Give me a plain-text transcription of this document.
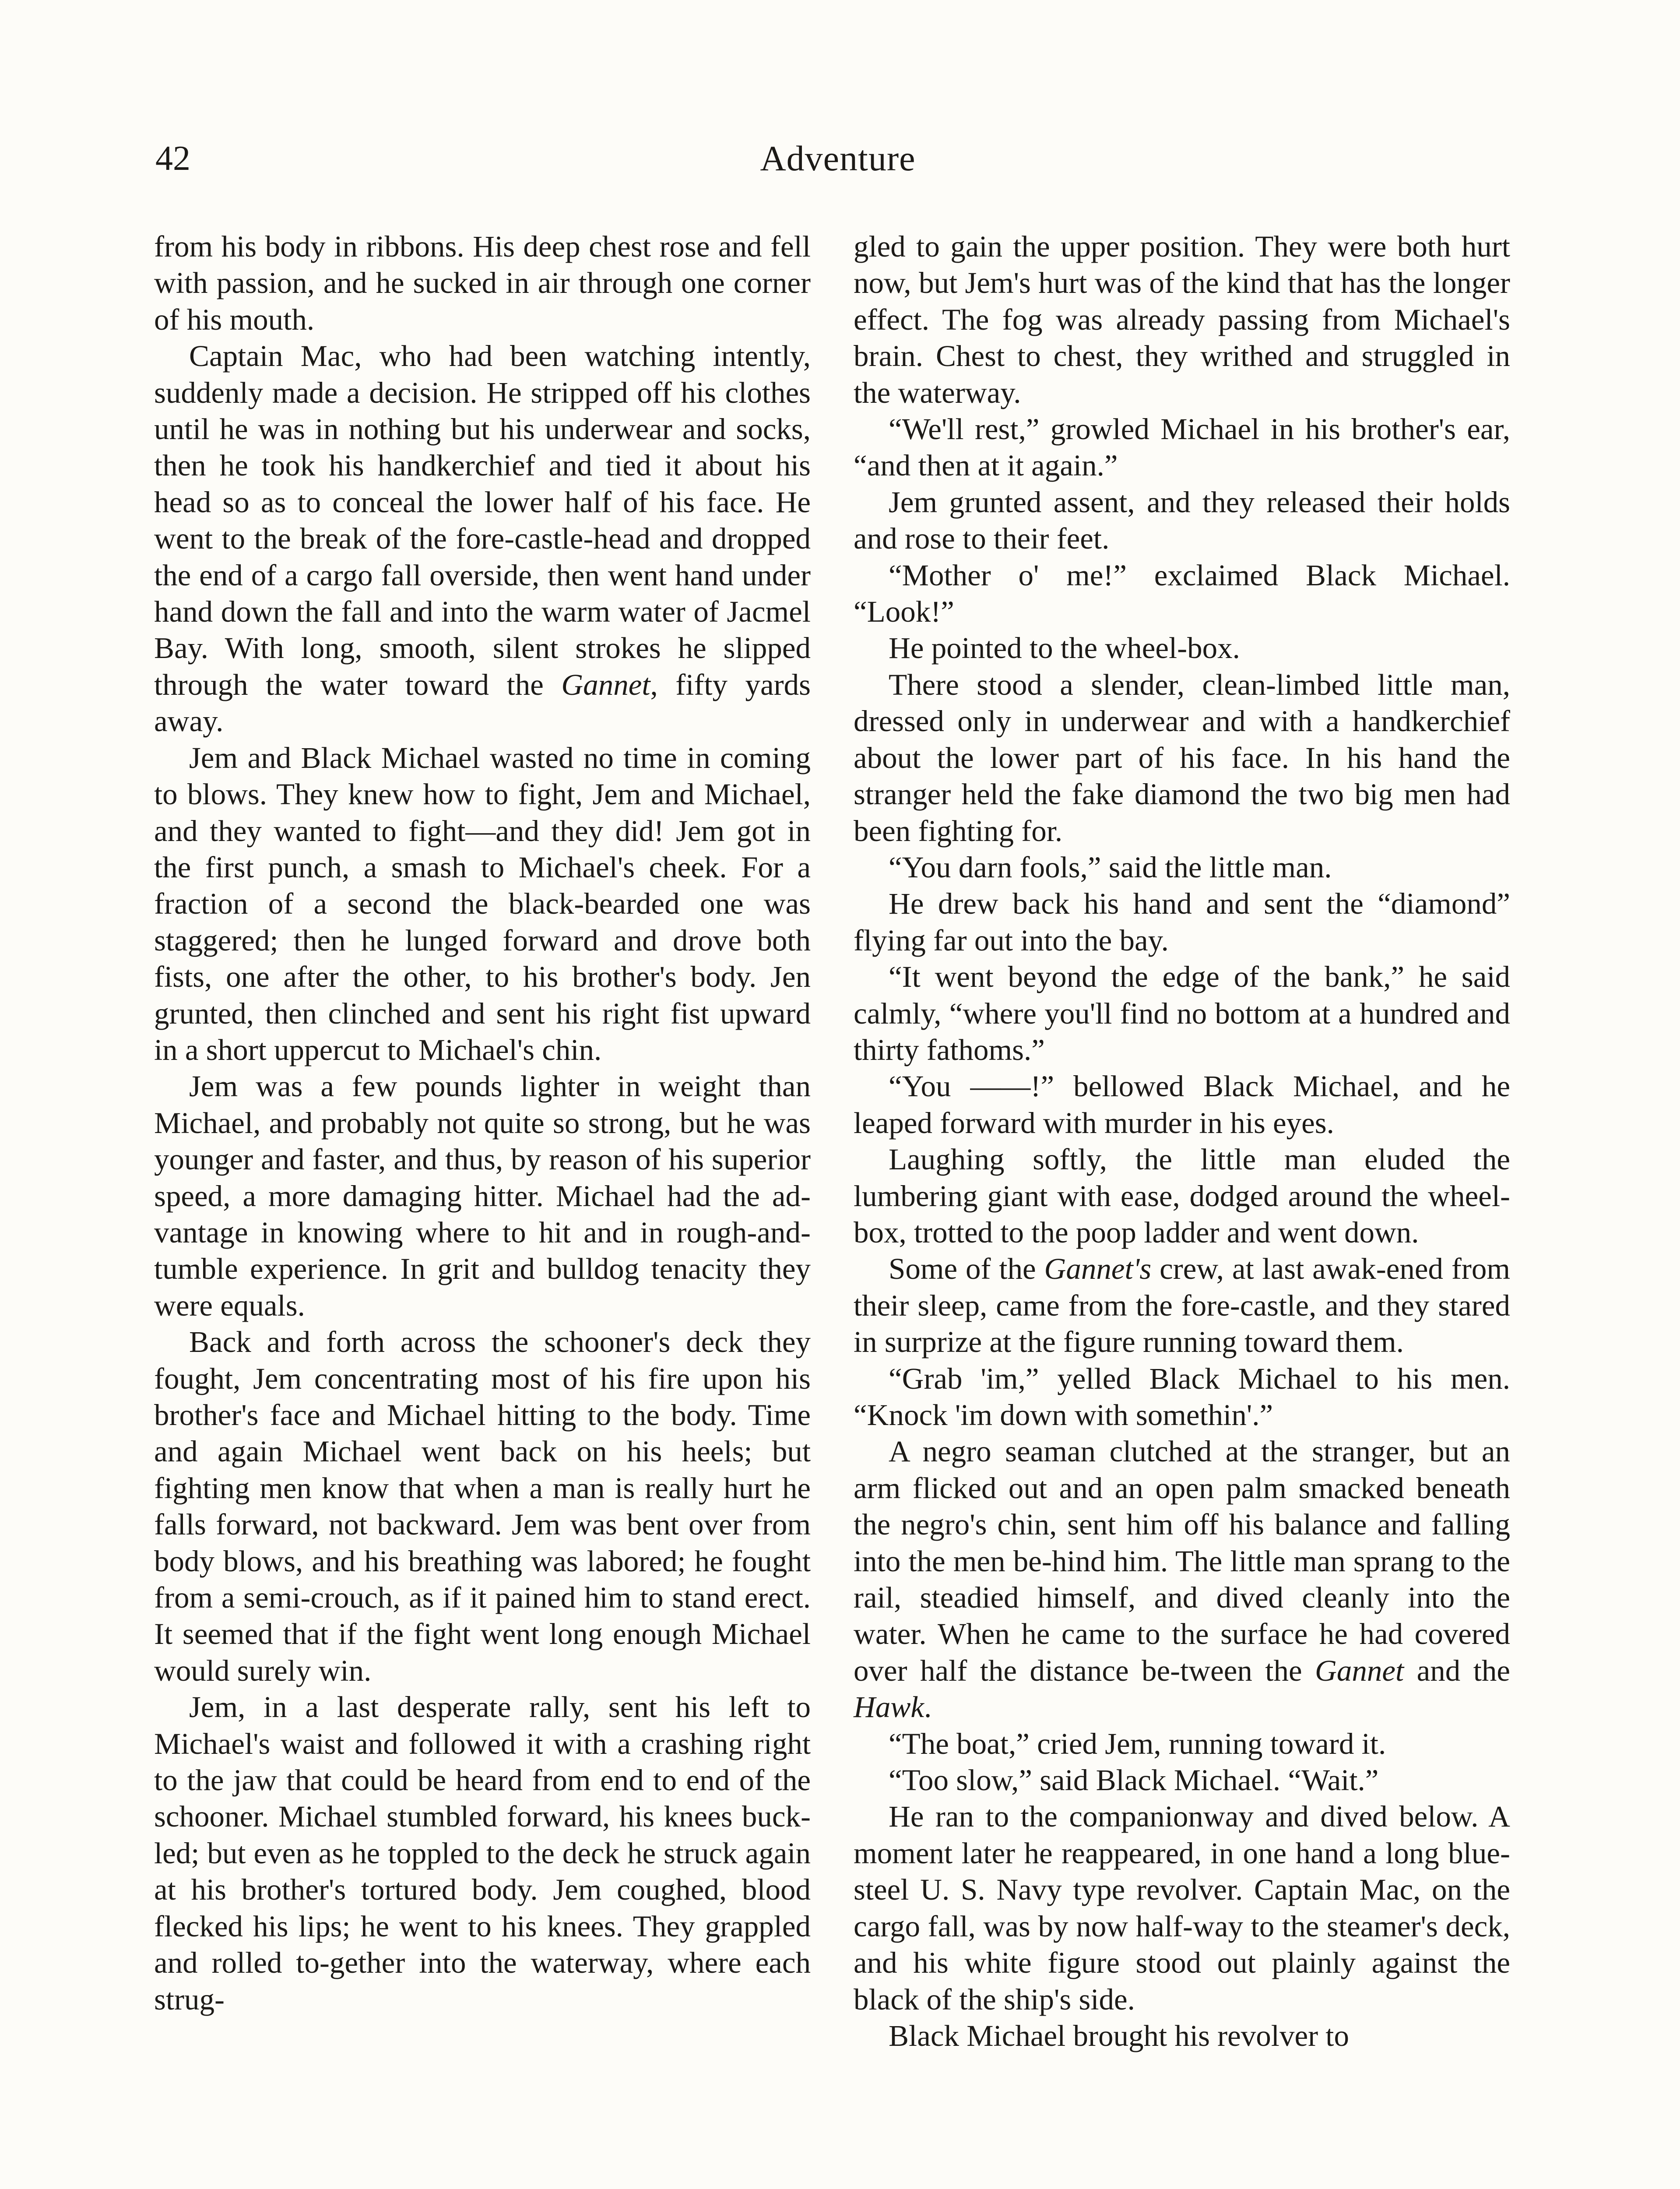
42	Adventure

from his body in ribbons. His deep chest rose and fell with passion, and he sucked in air through one corner of his mouth.

Captain Mac, who had been watching intently, suddenly made a decision. He stripped off his clothes until he was in nothing but his underwear and socks, then he took his handkerchief and tied it about his head so as to conceal the lower half of his face. He went to the break of the fore-castle-head and dropped the end of a cargo fall overside, then went hand under hand down the fall and into the warm water of Jacmel Bay. With long, smooth, silent strokes he slipped through the water toward the Gannet, fifty yards away.

Jem and Black Michael wasted no time in coming to blows. They knew how to fight, Jem and Michael, and they wanted to fight—and they did! Jem got in the first punch, a smash to Michael's cheek. For a fraction of a second the black-bearded one was staggered; then he lunged forward and drove both fists, one after the other, to his brother's body. Jen grunted, then clinched and sent his right fist upward in a short uppercut to Michael's chin.

Jem was a few pounds lighter in weight than Michael, and probably not quite so strong, but he was younger and faster, and thus, by reason of his superior speed, a more damaging hitter. Michael had the ad-vantage in knowing where to hit and in rough-and-tumble experience. In grit and bulldog tenacity they were equals.

Back and forth across the schooner's deck they fought, Jem concentrating most of his fire upon his brother's face and Michael hitting to the body. Time and again Michael went back on his heels; but fighting men know that when a man is really hurt he falls forward, not backward. Jem was bent over from body blows, and his breathing was labored; he fought from a semi-crouch, as if it pained him to stand erect. It seemed that if the fight went long enough Michael would surely win.

Jem, in a last desperate rally, sent his left to Michael's waist and followed it with a crashing right to the jaw that could be heard from end to end of the schooner. Michael stumbled forward, his knees buck-led; but even as he toppled to the deck he struck again at his brother's tortured body. Jem coughed, blood flecked his lips; he went to his knees. They grappled and rolled to-gether into the waterway, where each strug-

gled to gain the upper position. They were both hurt now, but Jem's hurt was of the kind that has the longer effect. The fog was already passing from Michael's brain. Chest to chest, they writhed and struggled in the waterway.

“We'll rest,” growled Michael in his brother's ear, “and then at it again.”

Jem grunted assent, and they released their holds and rose to their feet.

“Mother o' me!” exclaimed Black Michael. “Look!”

He pointed to the wheel-box.

There stood a slender, clean-limbed little man, dressed only in underwear and with a handkerchief about the lower part of his face. In his hand the stranger held the fake diamond the two big men had been fighting for.

“You darn fools,” said the little man.

He drew back his hand and sent the “diamond” flying far out into the bay.

“It went beyond the edge of the bank,” he said calmly, “where you'll find no bottom at a hundred and thirty fathoms.”

“You ——!” bellowed Black Michael, and he leaped forward with murder in his eyes.

Laughing softly, the little man eluded the lumbering giant with ease, dodged around the wheel-box, trotted to the poop ladder and went down.

Some of the Gannet's crew, at last awak-ened from their sleep, came from the fore-castle, and they stared in surprize at the figure running toward them.

“Grab 'im,” yelled Black Michael to his men. “Knock 'im down with somethin'.”

A negro seaman clutched at the stranger, but an arm flicked out and an open palm smacked beneath the negro's chin, sent him off his balance and falling into the men be-hind him. The little man sprang to the rail, steadied himself, and dived cleanly into the water. When he came to the surface he had covered over half the distance be-tween the Gannet and the Hawk.

“The boat,” cried Jem, running toward it.

“Too slow,” said Black Michael. “Wait.”

He ran to the companionway and dived below. A moment later he reappeared, in one hand a long blue-steel U. S. Navy type revolver. Captain Mac, on the cargo fall, was by now half-way to the steamer's deck, and his white figure stood out plainly against the black of the ship's side.

Black Michael brought his revolver to
